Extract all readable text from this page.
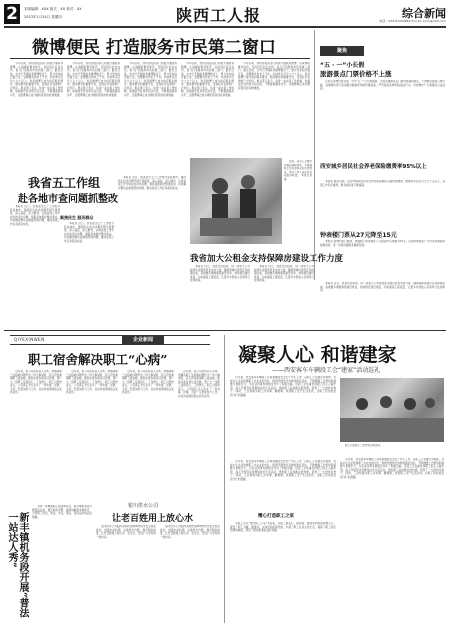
2	本版编辑：XXX 版式：XX 校对：XX
2013年1月24日 星期四	陕西工人报	综合新闻
电话：029-87294944 E-mail: xxxx@163.com
微博便民 打造服务市民第二窗口

今年以来，我市各级各部门积极开通政务微博，认真倾听群众呼声，及时回应社会关切，着力打造服务市民的第二窗口。截至目前，全市已开通政务微博数百个，累计发布信息数万条，受理群众诉求上千件，办结率达百分之九十以上。政务微博已成为政府联系群众、服务群众的重要平台，受到社会各界的广泛好评。相关部门表示，将进一步完善工作机制，加强信息发布和互动交流，不断提高服务水平，让微博真正成为便民利民的有效渠道。

今年以来，我市各级各部门积极开通政务微博，认真倾听群众呼声，及时回应社会关切，着力打造服务市民的第二窗口。截至目前，全市已开通政务微博数百个，累计发布信息数万条，受理群众诉求上千件，办结率达百分之九十以上。政务微博已成为政府联系群众、服务群众的重要平台，受到社会各界的广泛好评。相关部门表示，将进一步完善工作机制，加强信息发布和互动交流，不断提高服务水平，让微博真正成为便民利民的有效渠道。

今年以来，我市各级各部门积极开通政务微博，认真倾听群众呼声，及时回应社会关切，着力打造服务市民的第二窗口。截至目前，全市已开通政务微博数百个，累计发布信息数万条，受理群众诉求上千件，办结率达百分之九十以上。政务微博已成为政府联系群众、服务群众的重要平台，受到社会各界的广泛好评。相关部门表示，将进一步完善工作机制，加强信息发布和互动交流，不断提高服务水平，让微博真正成为便民利民的有效渠道。

今年以来，我市各级各部门积极开通政务微博，认真倾听群众呼声，及时回应社会关切，着力打造服务市民的第二窗口。截至目前，全市已开通政务微博数百个，累计发布信息数万条，受理群众诉求上千件，办结率达百分之九十以上。政务微博已成为政府联系群众、服务群众的重要平台，受到社会各界的广泛好评。相关部门表示，将进一步完善工作机制，加强信息发布和互动交流，不断提高服务水平，让微博真正成为便民利民的有效渠道。

今年以来，我市各级各部门积极开通政务微博，认真倾听群众呼声，及时回应社会关切，着力打造服务市民的第二窗口。截至目前，全市已开通政务微博数百个，累计发布信息数万条，受理群众诉求上千件，办结率达百分之九十以上。政务微博已成为政府联系群众、服务群众的重要平台，受到社会各界的广泛好评。相关部门表示，将进一步完善工作机制，加强信息发布和互动交流，不断提高服务水平，让微博真正成为便民利民的有效渠道。

聚焦
“五 · 一”小长假
旅游景点门票价格不上涨

记者从省物价局获悉，今年“五一”小长假期间，全省各旅游景点门票价格保持稳定，不得擅自提高门票价格。各地物价部门将加强对旅游市场的价格检查，严厉查处各种价格违法行为，切实维护广大游客的合法权益。

西安城乡居民社会养老保险缴费率95%以上

本报讯 截至目前，西安市城乡居民社会养老保险参保人数持续增加，缴费率达到百分之九十五以上，各项工作有序推进，群众满意度不断提高。

钟表楼门票从27元降至15元

本报讯 经物价部门批准，钟鼓楼门票价格自下月起由27元调整为15元，以更好地满足广大市民和游客的参观需求，进一步促进旅游业健康发展。

我省五工作组
赴各地市查问题抓整改
聚焦民生 服务群众

本报讯 近日，我省派出五个工作组分赴各地市，围绕民生热点问题开展专项督查，深入基层、深入群众，认真查找工作中存在的突出问题，督促各地抓好整改落实，切实解决群众反映强烈的问题，推动各项工作任务落到实处。	本报讯 近日，我省派出五个工作组分赴各地市，围绕民生热点问题开展专项督查，深入基层、深入群众，认真查找工作中存在的突出问题，督促各地抓好整改落实，切实解决群众反映强烈的问题，推动各项工作任务落到实处。

日前，省总工会组织开展送温暖活动，为困难职工送去慰问金和生活用品。图为工作人员正在发放慰问物资。 本报记者 摄

本报讯 近日，我省派出五个工作组分赴各地市，围绕民生热点问题开展专项督查，深入基层、深入群众，认真查找工作中存在的突出问题，督促各地抓好整改落实，切实解决群众反映强烈的问题，推动各项工作任务落到实处。

我省加大公租金支持保障房建设工作力度

本报讯 近日，我省出台政策，进一步加大公共租赁住房建设资金支持力度，确保保障房建设任务按期完成。各地要多渠道筹集建设资金，加快项目建设进度，切实提高工程质量，让更多中低收入家庭早日住进新房。

本报讯 近日，我省出台政策，进一步加大公共租赁住房建设资金支持力度，确保保障房建设任务按期完成。各地要多渠道筹集建设资金，加快项目建设进度，切实提高工程质量，让更多中低收入家庭早日住进新房。

本报讯 近日，我省出台政策，进一步加大公共租赁住房建设资金支持力度，确保保障房建设任务按期完成。各地要多渠道筹集建设资金，加快项目建设进度，切实提高工程质量，让更多中低收入家庭早日住进新房。

QIYEXINWEN	企业新闻
职工宿舍解决职工“心病”

近年来，某公司坚持以人为本，把解决职工住宿难问题作为一件大事来抓，投入资金新建职工宿舍楼，配套完善各项生活设施，使广大一线职工住得安心、工作舒心。职工们纷纷表示，公司真正为大家办了一件实事、好事，今后一定更加努力工作，以优异成绩回报企业的关怀。

近年来，某公司坚持以人为本，把解决职工住宿难问题作为一件大事来抓，投入资金新建职工宿舍楼，配套完善各项生活设施，使广大一线职工住得安心、工作舒心。职工们纷纷表示，公司真正为大家办了一件实事、好事，今后一定更加努力工作，以优异成绩回报企业的关怀。

近年来，某公司坚持以人为本，把解决职工住宿难问题作为一件大事来抓，投入资金新建职工宿舍楼，配套完善各项生活设施，使广大一线职工住得安心、工作舒心。职工们纷纷表示，公司真正为大家办了一件实事、好事，今后一定更加努力工作，以优异成绩回报企业的关怀。

近年来，某公司坚持以人为本，把解决职工住宿难问题作为一件大事来抓，投入资金新建职工宿舍楼，配套完善各项生活设施，使广大一线职工住得安心、工作舒心。职工们纷纷表示，公司真正为大家办了一件实事、好事，今后一定更加努力工作，以优异成绩回报企业的关怀。

新丰镇机务段开展“普法一站达人秀”

为进一步增强职工的法律意识，新丰镇机务段开展普法活动，通过知识竞赛、案例讲解等多种形式，引导职工学法、知法、守法、用法，营造良好的法治氛围。

银川供水公司
让老百姓用上放心水

银川供水公司始终坚持把保障城市供水安全放在首位，加强水质检测，完善供水设施，提升服务质量，让老百姓喝上放心水、安全水，受到广大市民的一致好评。

银川供水公司始终坚持把保障城市供水安全放在首位，加强水质检测，完善供水设施，提升服务质量，让老百姓喝上放心水、安全水，受到广大市民的一致好评。

凝聚人心 和谐建家
——西安客车车辆段工会“建家”活动巡礼

近年来，西安客车车辆段工会紧紧围绕安全生产中心工作，以职工之家建设为载体，坚持全心全意依靠职工办企业的方针，积极开展形式多样的建家活动，不断增强工会组织的凝聚力和吸引力，为企业改革发展稳定作出了积极贡献。该段工会注重发挥职工的主人翁作用，深入开展劳动竞赛和技术比武活动，激发职工爱岗敬业的热情，培养了一大批技术骨干。同时，工会积极为职工办实事、解难事，改善职工生产生活条件，让职工切实感受到“家”的温暖。

职工们在职工之家参加文体活动。

近年来，西安客车车辆段工会紧紧围绕安全生产中心工作，以职工之家建设为载体，坚持全心全意依靠职工办企业的方针，积极开展形式多样的建家活动，不断增强工会组织的凝聚力和吸引力，为企业改革发展稳定作出了积极贡献。该段工会注重发挥职工的主人翁作用，深入开展劳动竞赛和技术比武活动，激发职工爱岗敬业的热情，培养了一大批技术骨干。同时，工会积极为职工办实事、解难事，改善职工生产生活条件，让职工切实感受到“家”的温暖。

精心打造职工之家

该段工会以“建设职工之家”为目标，从职工最关心、最直接、最现实的利益问题入手，建设了职工书屋、健身房、文体活动室等设施，丰富了职工业余文化生活，提高了职工队伍的整体素质，营造了团结和谐的良好氛围。

近年来，西安客车车辆段工会紧紧围绕安全生产中心工作，以职工之家建设为载体，坚持全心全意依靠职工办企业的方针，积极开展形式多样的建家活动，不断增强工会组织的凝聚力和吸引力，为企业改革发展稳定作出了积极贡献。该段工会注重发挥职工的主人翁作用，深入开展劳动竞赛和技术比武活动，激发职工爱岗敬业的热情，培养了一大批技术骨干。同时，工会积极为职工办实事、解难事，改善职工生产生活条件，让职工切实感受到“家”的温暖。
